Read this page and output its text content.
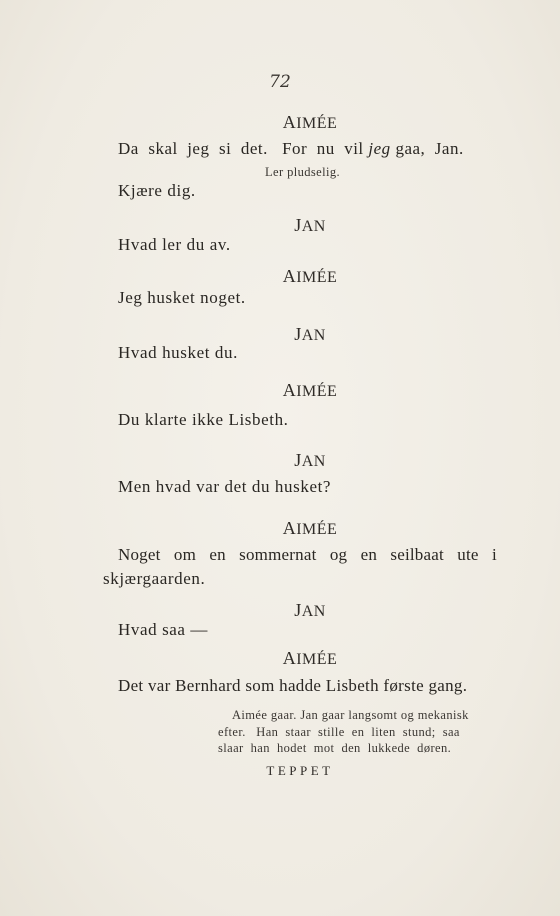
72
AIMÉE
Da  skal  jeg  si  det.   For  nu  vil jeg gaa,  Jan.
Ler pludselig.
Kjære dig.
JAN
Hvad ler du av.
AIMÉE
Jeg husket noget.
JAN
Hvad husket du.
AIMÉE
Du klarte ikke Lisbeth.
JAN
Men hvad var det du husket?
AIMÉE
Noget   om   en   sommernat   og   en   seilbaat   ute   i
skjærgaarden.
JAN
Hvad saa —
AIMÉE
Det var Bernhard som hadde Lisbeth første gang.
Aimée gaar. Jan gaar langsomt og mekanisk
efter.   Han  staar  stille  en  liten  stund;  saa
slaar  han  hodet  mot  den  lukkede  døren.
TEPPET
